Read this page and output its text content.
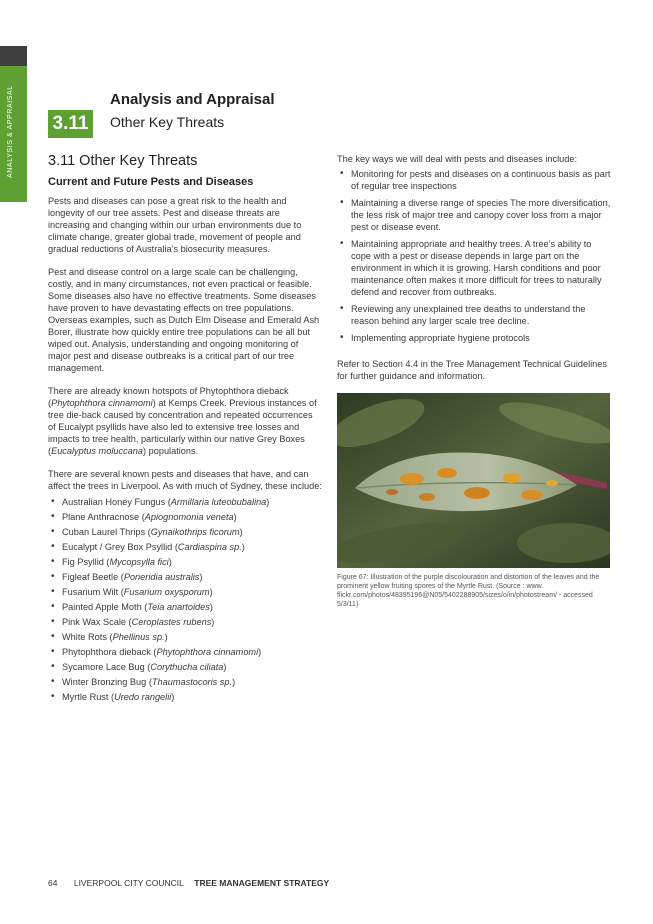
ANALYSIS & APPRAISAL 3.11
Analysis and Appraisal
Other Key Threats
3.11 Other Key Threats
Current and Future Pests and Diseases

Pests and diseases can pose a great risk to the health and longevity of our tree assets. Pest and disease threats are increasing and changing within our urban environments due to climate change, greater global trade, movement of people and gradual reductions of Australia’s biosecurity measures.

Pest and disease control on a large scale can be challenging, costly, and in many circumstances, not even practical or feasible. Some diseases also have no effective treatments. Some diseases have proven to have devastating effects on tree populations. Overseas examples, such as Dutch Elm Disease and Emerald Ash Borer, illustrate how quickly entire tree populations can be all but wiped out. Analysis, understanding and ongoing monitoring of major pest and disease outbreaks is a critical part of our tree management.

There are already known hotspots of Phytophthora dieback (Phytophthora cinnamomi) at Kemps Creek. Previous instances of tree die-back caused by concentration and repeated occurrences of Eucalypt psyllids have also led to extensive tree losses and impacts to tree health, particularly within our native Grey Boxes (Eucalyptus moluccana) populations.

There are several known pests and diseases that have, and can affect the trees in Liverpool. As with much of Sydney, these include:

• Australian Honey Fungus (Armillaria luteobubalina)
• Plane Anthracnose (Apiognomonia veneta)
• Cuban Laurel Thrips (Gynaikothrips ficorum)
• Eucalypt / Grey Box Psyllid (Cardiaspina sp.)
• Fig Psyllid (Mycopsylla fici)
• Figleaf Beetle (Poneridia australis)
• Fusarium Wilt (Fusarium oxysporum)
• Painted Apple Moth (Teia anartoides)
• Pink Wax Scale (Ceroplastes rubens)
• White Rots (Phellinus sp.)
• Phytophthora dieback (Phytophthora cinnamomi)
• Sycamore Lace Bug (Corythucha ciliata)
• Winter Bronzing Bug (Thaumastocoris sp.)
• Myrtle Rust (Uredo rangelii)

The key ways we will deal with pests and diseases include:

• Monitoring for pests and diseases on a continuous basis as part of regular tree inspections
• Maintaining a diverse range of species The more diversification, the less risk of major tree and canopy cover loss from a major pest or disease event.
• Maintaining appropriate and healthy trees. A tree’s ability to cope with a pest or disease depends in large part on the environment in which it is growing. Harsh conditions and poor maintenance often makes it more difficult for trees to naturally defend and recover from outbreaks.
• Reviewing any unexplained tree deaths to understand the reason behind any larger scale tree decline.
• Implementing appropriate hygiene protocols

Refer to Section 4.4 in the Tree Management Technical Guidelines for further guidance and information.

Figure 67: Illustration of the purple discolouration and distortion of the leaves and the prominent yellow fruiting spores of the Myrtle Rust. (Source : www. flickr.com/photos/48395196@N05/5402288905/sizes/o/in/photostream/ - accessed 5/3/11)
64 LIVERPOOL CITY COUNCIL TREE MANAGEMENT STRATEGY
